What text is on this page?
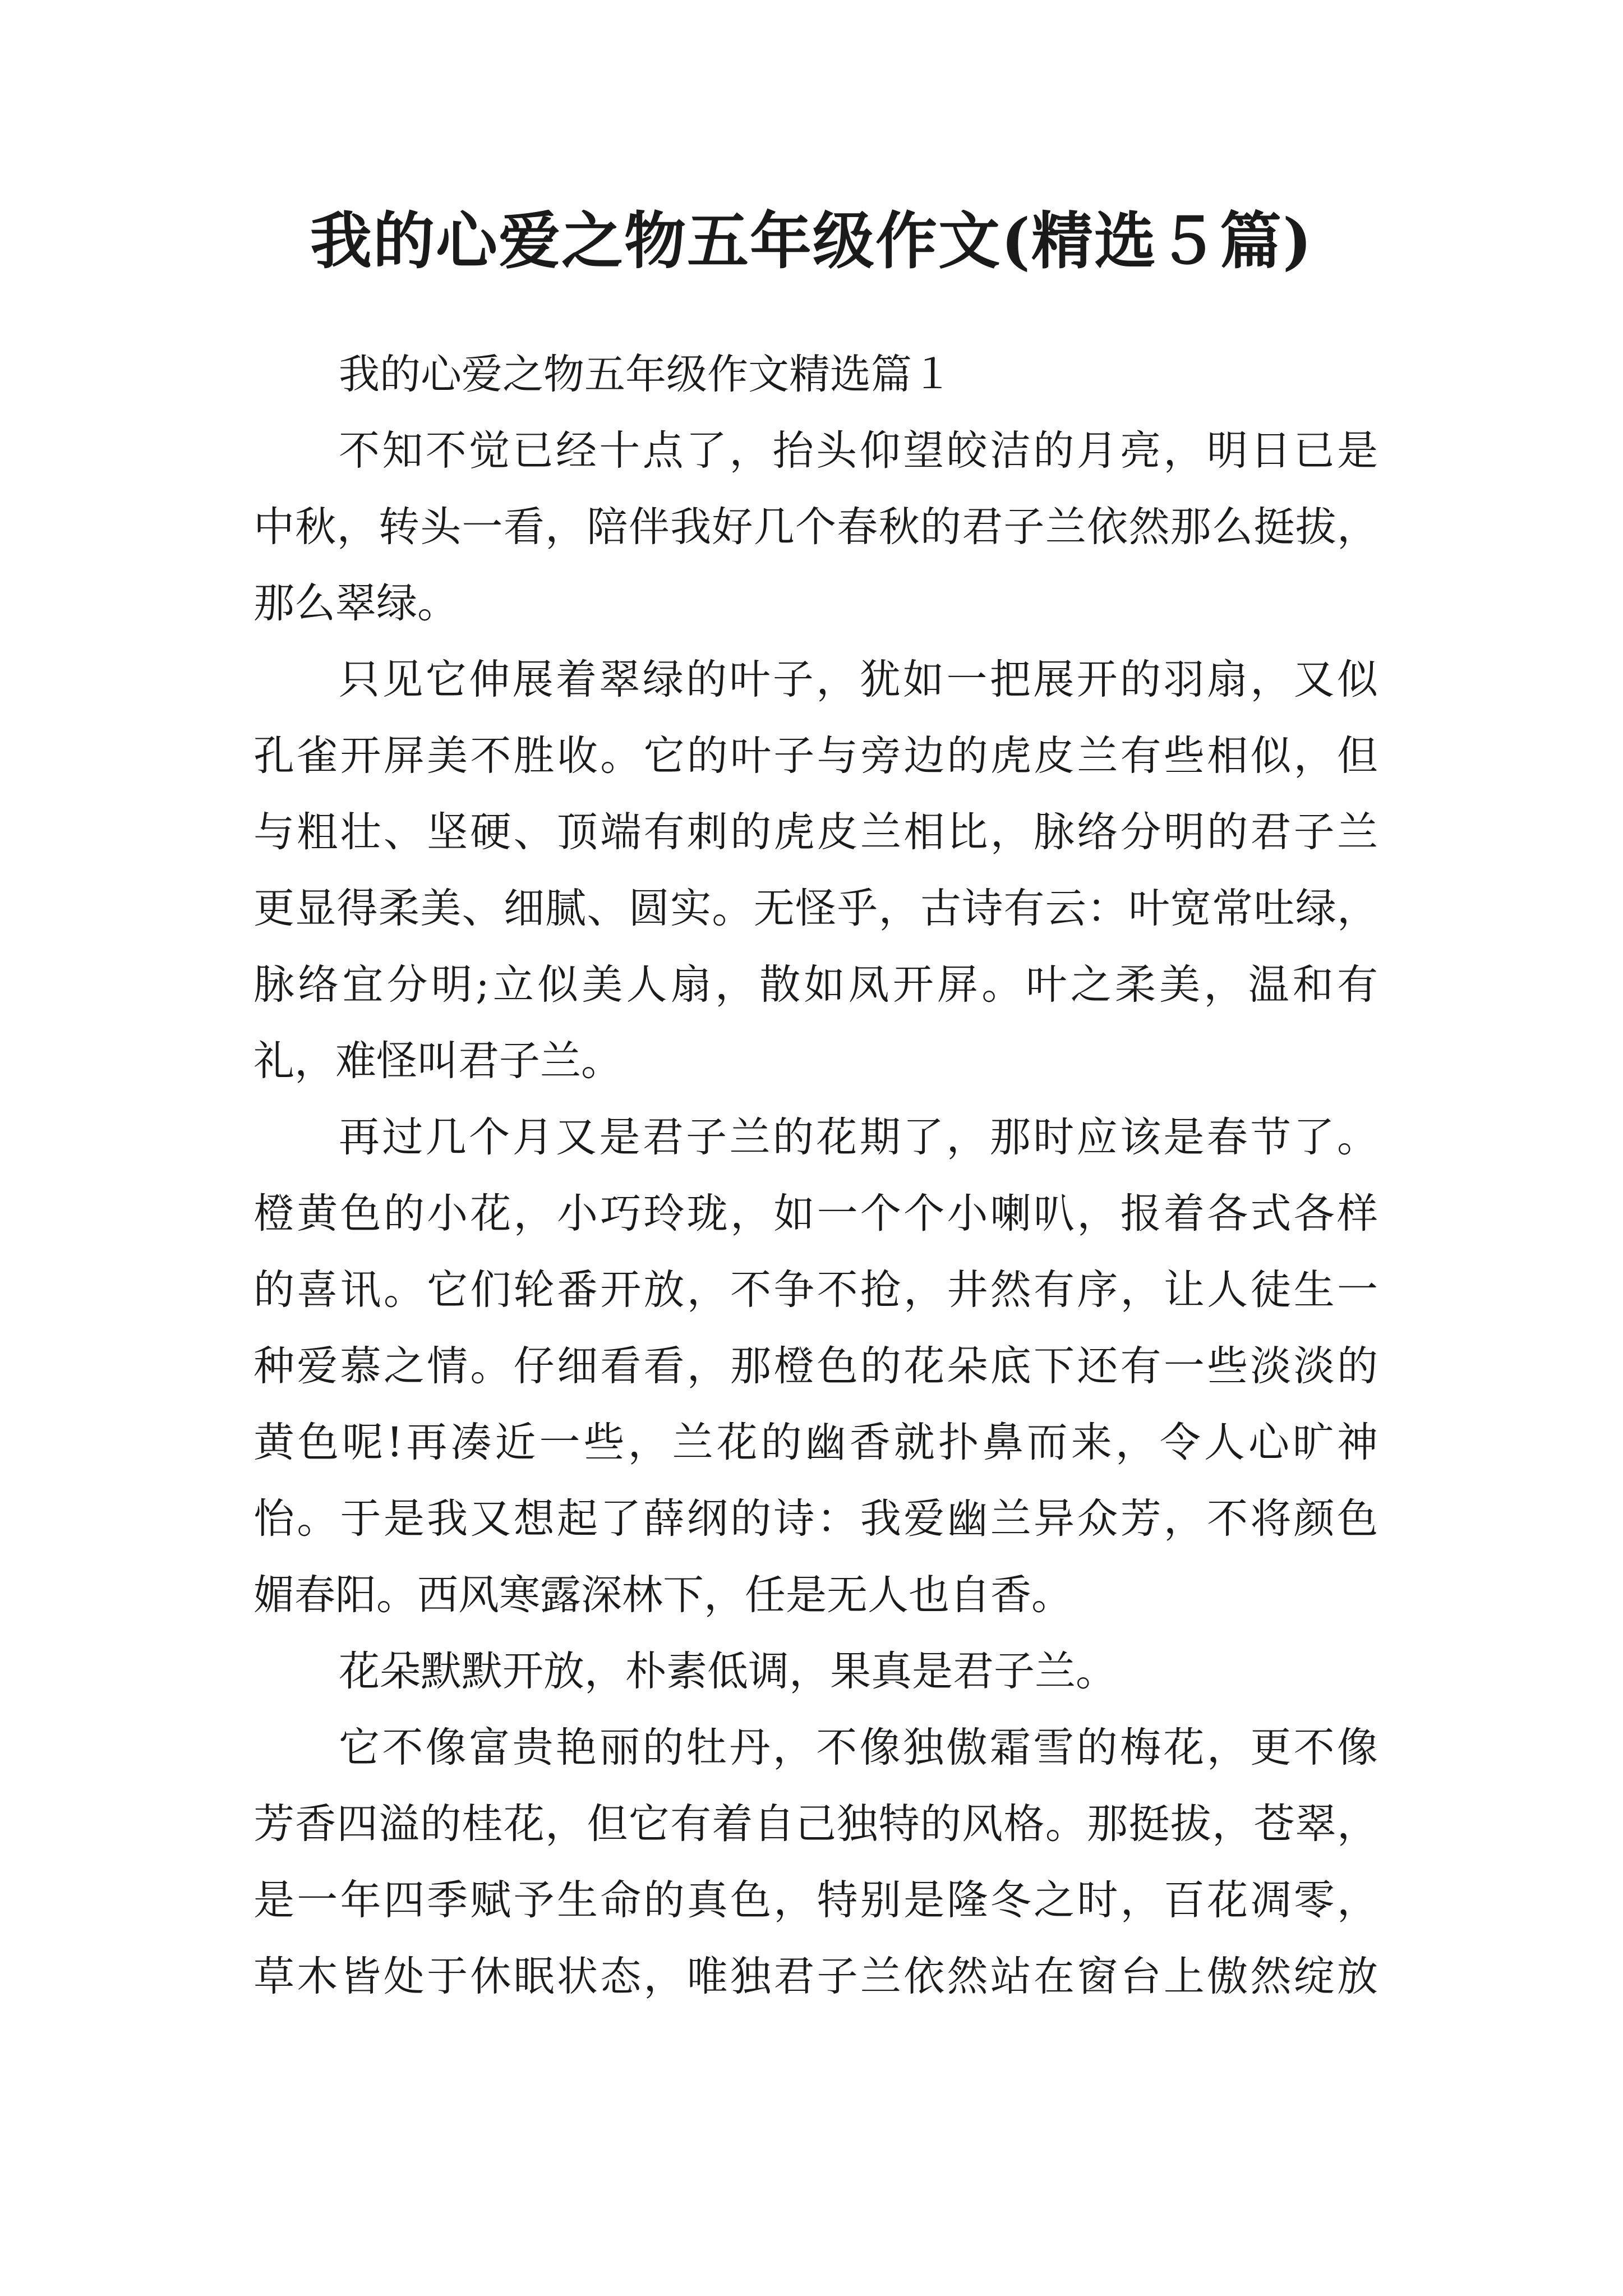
我的心爱之物五年级作文(精选５篇)

我的心爱之物五年级作文精选篇１

不知不觉已经十点了，抬头仰望皎洁的月亮，明日已是
中秋，转头一看，陪伴我好几个春秋的君子兰依然那么挺拔，
那么翠绿。

只见它伸展着翠绿的叶子，犹如一把展开的羽扇，又似
孔雀开屏美不胜收。它的叶子与旁边的虎皮兰有些相似，但
与粗壮、坚硬、顶端有刺的虎皮兰相比，脉络分明的君子兰
更显得柔美、细腻、圆实。无怪乎，古诗有云：叶宽常吐绿，
脉络宜分明;立似美人扇，散如凤开屏。叶之柔美，温和有
礼，难怪叫君子兰。

再过几个月又是君子兰的花期了，那时应该是春节了。
橙黄色的小花，小巧玲珑，如一个个小喇叭，报着各式各样
的喜讯。它们轮番开放，不争不抢，井然有序，让人徒生一
种爱慕之情。仔细看看，那橙色的花朵底下还有一些淡淡的
黄色呢!再凑近一些，兰花的幽香就扑鼻而来，令人心旷神
怡。于是我又想起了薛纲的诗：我爱幽兰异众芳，不将颜色
媚春阳。西风寒露深林下，任是无人也自香。

花朵默默开放，朴素低调，果真是君子兰。

它不像富贵艳丽的牡丹，不像独傲霜雪的梅花，更不像
芳香四溢的桂花，但它有着自己独特的风格。那挺拔，苍翠，
是一年四季赋予生命的真色，特别是隆冬之时，百花凋零，
草木皆处于休眠状态，唯独君子兰依然站在窗台上傲然绽放
